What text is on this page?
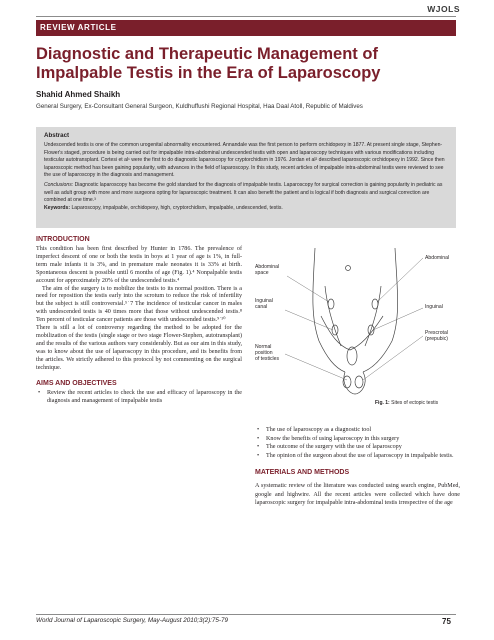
WJOLS
REVIEW ARTICLE
Diagnostic and Therapeutic Management of Impalpable Testis in the Era of Laparoscopy
Shahid Ahmed Shaikh
General Surgery, Ex-Consultant General Surgeon, Kuldhuffushi Regional Hospital, Haa Daal Atoll, Republic of Maldives

Abstract

Undescended testis is one of the common urogenital abnormality encountered. Annandale was the first person to perform orchidopexy in 1877. At present single stage, Stephen-Flower's staged, procedure is being carried out for impalpable intra-abdominal undescended testis with open and laparoscopy techniques with various modifications including testicular autotransplant. Cortesi et al¹ were the first to do diagnostic laparoscopy for cryptorchidism in 1976. Jordan et al² described laparoscopic orchidopexy in 1992. Since then laparoscopic method has been gaining popularity, with advances in the field of laparoscopy. In this study, recent articles of impalpable intra-abdominal testis were reviewed to see the use of laparoscopy in the diagnosis and management.

Conclusions: Diagnostic laparoscopy has become the gold standard for the diagnosis of impalpable testis. Laparoscopy for surgical correction is gaining popularity in pediatric as well as adult group with more and more surgeons opting for laparoscopic treatment. It can also benefit the patient and is logical if both diagnosis and surgical correction are combined at one time.³

Keywords: Laparoscopy, impalpable, orchidopexy, high, cryptorchidism, impalpable, undescended, testis.

INTRODUCTION

This condition has been first described by Hunter in 1786. The prevalence of imperfect descent of one or both the testis in boys at 1 year of age is 1%, in full-term male infants it is 3%, and in premature male neonates it is 33% at birth. Spontaneous descent is possible until 6 months of age (Fig. 1).⁴ Nonpalpable testis account for approximately 20% of the undescended testis.⁴

The aim of the surgery is to mobilize the testis to its normal position. There is a need for reposition the testis early into the scrotum to reduce the risk of infertility but the subject is still controversial.⁵˙7 The incidence of testicular cancer in males with undescended testis is 40 times more that those without undescended testis.⁸ Ten percent of testicular cancer patients are those with undescended testis.⁹˙¹⁰

There is still a lot of controversy regarding the method to be adopted for the mobilization of the testis (single stage or two stage Flower-Stephen, autotransplant) and the results of the various authors vary considerably. But as our aim in this study, was to know about the use of laparoscopy in this procedure, and its benefits from the articles. We strictly adhered to this protocol by not commenting on the surgical technique.

AIMS AND OBJECTIVES

• Review the recent articles to check the use and efficacy of laparoscopy in the diagnosis and management of impalpable testis
Abdominal
space
Inguinal
canal
Normal
position
of testicles
Abdominal
Inguinal
Prescrotal
(prepubic)
Fig. 1: Sites of ectopic testis
• The use of laparoscopy as a diagnostic tool
• Know the benefits of using laparoscopy in this surgery
• The outcome of the surgery with the use of laparoscopy
• The opinion of the surgeon about the use of laparoscopy in impalpable testis.
MATERIALS AND METHODS

A systematic review of the literature was conducted using search engine, PubMed, google and highwire. All the recent articles were collected which have done laparoscopic surgery for impalpable intra-abdominal testis irrespective of the age

World Journal of Laparoscopic Surgery, May-August 2010;3(2):75-79	75
